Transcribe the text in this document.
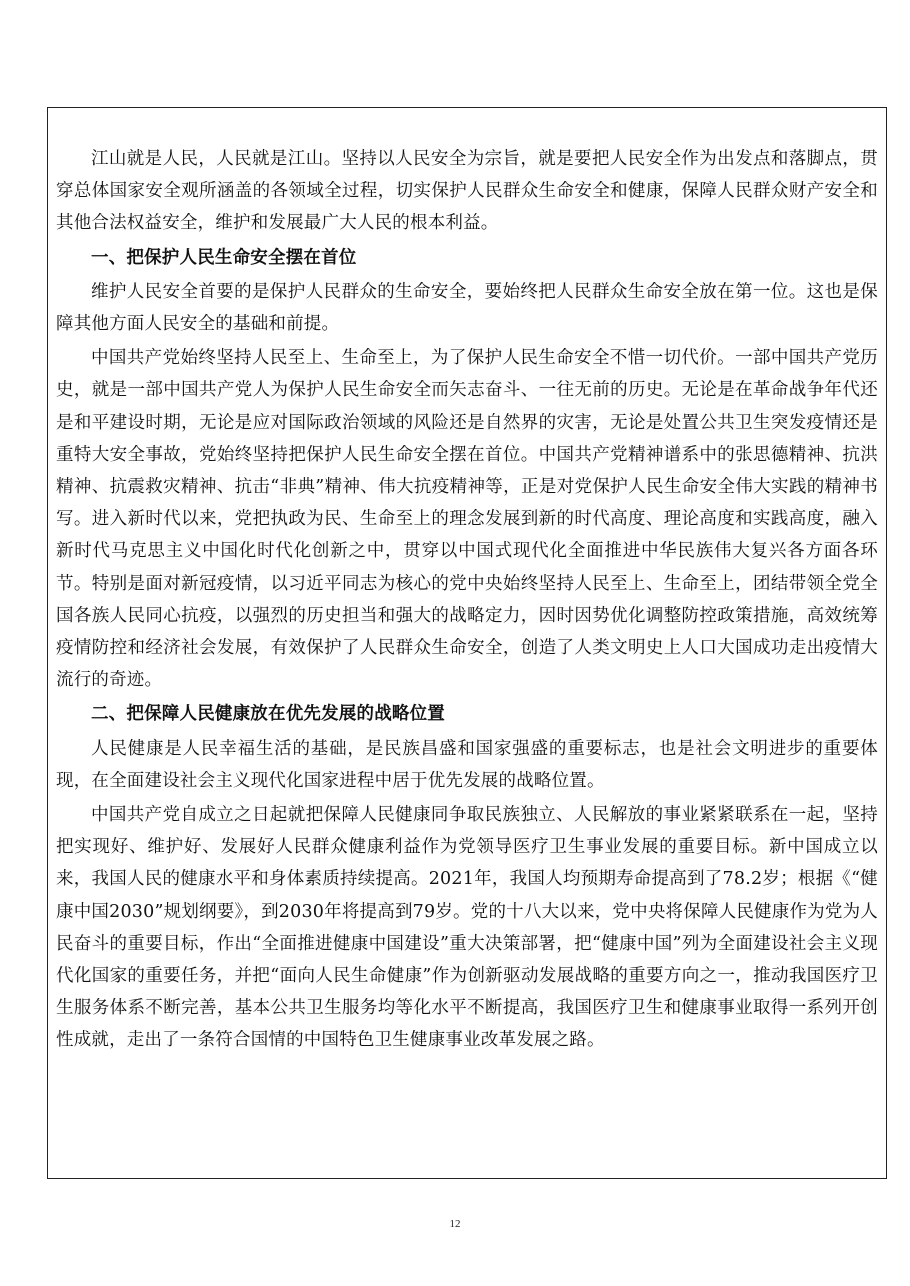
江山就是人民，人民就是江山。坚持以人民安全为宗旨，就是要把人民安全作为出发点和落脚点，贯穿总体国家安全观所涵盖的各领域全过程，切实保护人民群众生命安全和健康，保障人民群众财产安全和其他合法权益安全，维护和发展最广大人民的根本利益。

一、把保护人民生命安全摆在首位

维护人民安全首要的是保护人民群众的生命安全，要始终把人民群众生命安全放在第一位。这也是保障其他方面人民安全的基础和前提。

中国共产党始终坚持人民至上、生命至上，为了保护人民生命安全不惜一切代价。一部中国共产党历史，就是一部中国共产党人为保护人民生命安全而矢志奋斗、一往无前的历史。无论是在革命战争年代还是和平建设时期，无论是应对国际政治领域的风险还是自然界的灾害，无论是处置公共卫生突发疫情还是重特大安全事故，党始终坚持把保护人民生命安全摆在首位。中国共产党精神谱系中的张思德精神、抗洪精神、抗震救灾精神、抗击“非典”精神、伟大抗疫精神等，正是对党保护人民生命安全伟大实践的精神书写。进入新时代以来，党把执政为民、生命至上的理念发展到新的时代高度、理论高度和实践高度，融入新时代马克思主义中国化时代化创新之中，贯穿以中国式现代化全面推进中华民族伟大复兴各方面各环节。特别是面对新冠疫情，以习近平同志为核心的党中央始终坚持人民至上、生命至上，团结带领全党全国各族人民同心抗疫，以强烈的历史担当和强大的战略定力，因时因势优化调整防控政策措施，高效统筹疫情防控和经济社会发展，有效保护了人民群众生命安全，创造了人类文明史上人口大国成功走出疫情大流行的奇迹。

二、把保障人民健康放在优先发展的战略位置

人民健康是人民幸福生活的基础，是民族昌盛和国家强盛的重要标志，也是社会文明进步的重要体现，在全面建设社会主义现代化国家进程中居于优先发展的战略位置。

中国共产党自成立之日起就把保障人民健康同争取民族独立、人民解放的事业紧紧联系在一起，坚持把实现好、维护好、发展好人民群众健康利益作为党领导医疗卫生事业发展的重要目标。新中国成立以来，我国人民的健康水平和身体素质持续提高。2021年，我国人均预期寿命提高到了78.2岁；根据《“健康中国2030”规划纲要》，到2030年将提高到79岁。党的十八大以来，党中央将保障人民健康作为党为人民奋斗的重要目标，作出“全面推进健康中国建设”重大决策部署，把“健康中国”列为全面建设社会主义现代化国家的重要任务，并把“面向人民生命健康”作为创新驱动发展战略的重要方向之一，推动我国医疗卫生服务体系不断完善，基本公共卫生服务均等化水平不断提高，我国医疗卫生和健康事业取得一系列开创性成就，走出了一条符合国情的中国特色卫生健康事业改革发展之路。

12
